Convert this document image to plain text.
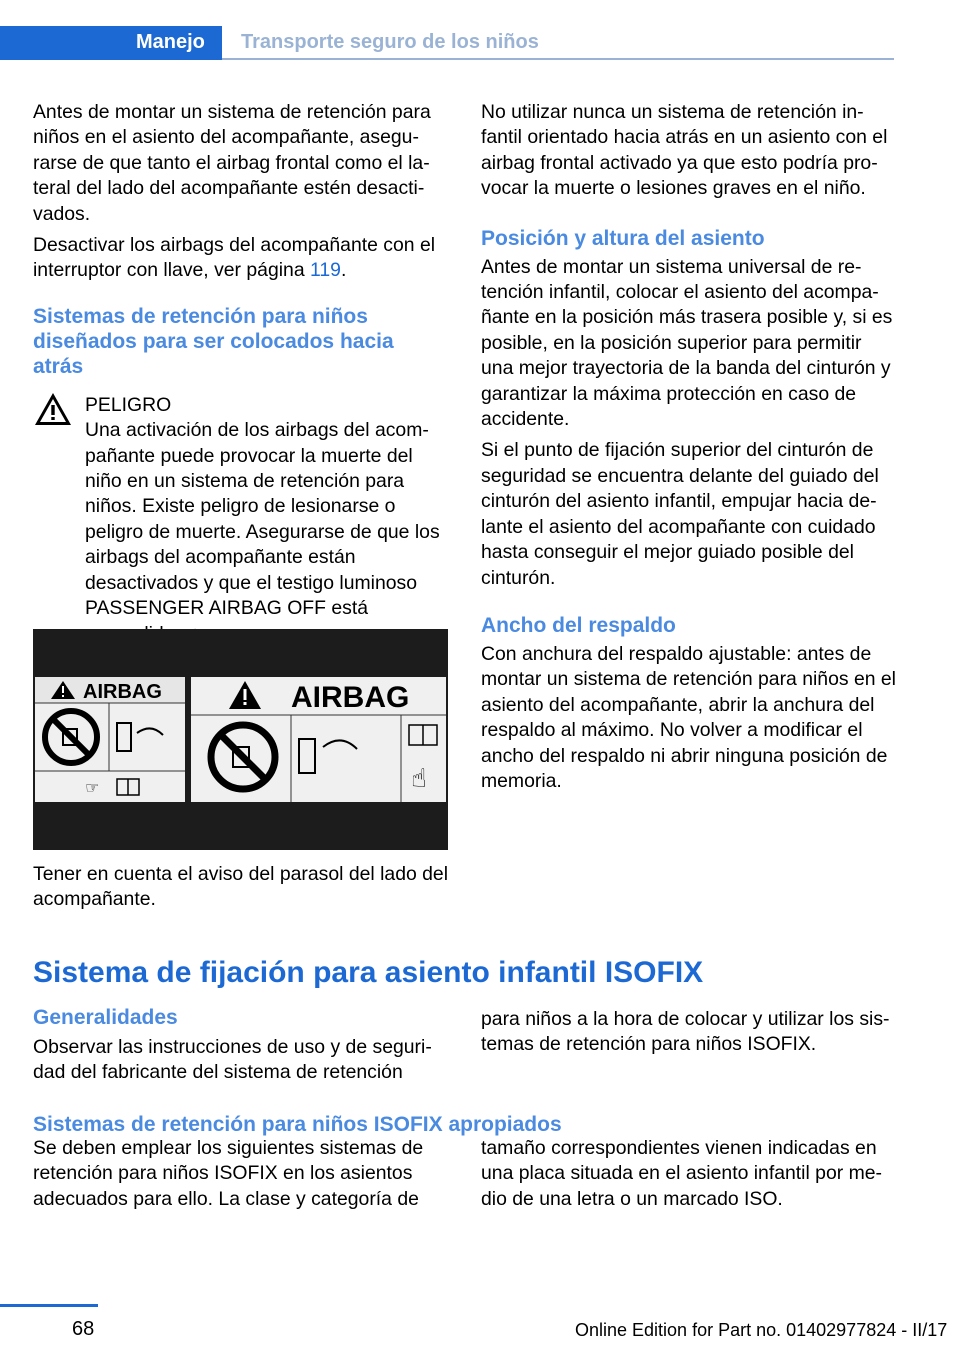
Manejo Transporte seguro de los niños

Antes de montar un sistema de retención para niños en el asiento del acompañante, asegurarse de que tanto el airbag frontal como el lateral del lado del acompañante estén desactivados.

Desactivar los airbags del acompañante con el interruptor con llave, ver página 119.

Sistemas de retención para niños diseñados para ser colocados hacia atrás

PELIGRO

Una activación de los airbags del acompañante puede provocar la muerte del niño en un sistema de retención para niños. Existe peligro de lesionarse o peligro de muerte. Asegurarse de que los airbags del acompañante están desactivados y que el testigo luminoso PASSENGER AIRBAG OFF está

AIRBAG
☞
AIRBAG
☝

Tener en cuenta el aviso del parasol del lado del acompañante.

No utilizar nunca un sistema de retención infantil orientado hacia atrás en un asiento con el airbag frontal activado ya que esto podría provocar la muerte o lesiones graves en el niño.

Posición y altura del asiento

Antes de montar un sistema universal de retención infantil, colocar el asiento del acompañante en la posición más trasera posible y, si es posible, en la posición superior para permitir una mejor trayectoria de la banda del cinturón y garantizar la máxima protección en caso de accidente.

Si el punto de fijación superior del cinturón de seguridad se encuentra delante del guiado del cinturón del asiento infantil, empujar hacia delante el asiento del acompañante con cuidado hasta conseguir el mejor guiado posible del cinturón.

Ancho del respaldo

Con anchura del respaldo ajustable: antes de montar un sistema de retención para niños en el asiento del acompañante, abrir la anchura del respaldo al máximo. No volver a modificar el ancho del respaldo ni abrir ninguna posición de memoria.

Sistema de fijación para asiento infantil ISOFIX
Generalidades

Observar las instrucciones de uso y de seguridad del fabricante del sistema de retención

para niños a la hora de colocar y utilizar los sistemas de retención para niños ISOFIX.

Sistemas de retención para niños ISOFIX apropiados

Se deben emplear los siguientes sistemas de retención para niños ISOFIX en los asientos adecuados para ello. La clase y categoría de

tamaño correspondientes vienen indicadas en una placa situada en el asiento infantil por medio de una letra o un marcado ISO.

68	Online Edition for Part no. 01402977824 - II/17
